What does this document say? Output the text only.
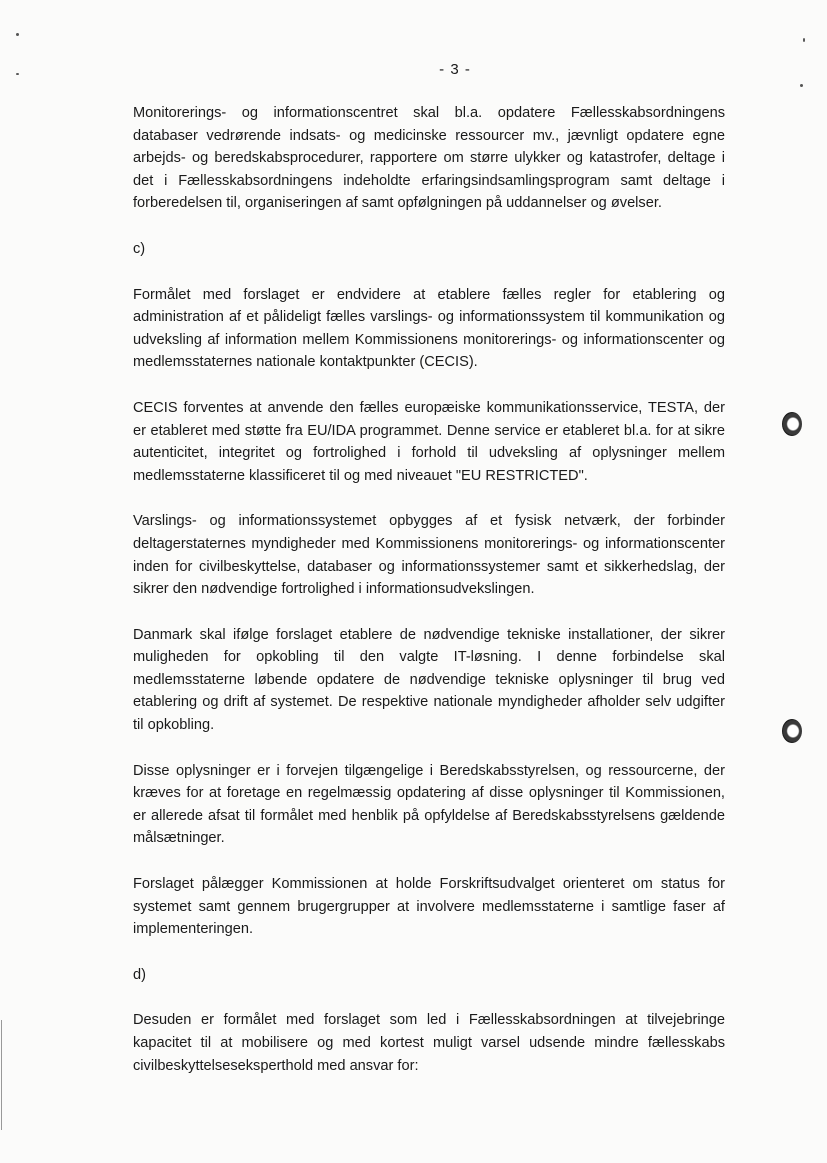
- 3 -

Monitorerings- og informationscentret skal bl.a. opdatere Fællesskabsordningens databaser vedrørende indsats- og medicinske ressourcer mv., jævnligt opdatere egne arbejds- og beredskabsprocedurer, rapportere om større ulykker og katastrofer, deltage i det i Fællesskabsordningens indeholdte erfaringsindsamlingsprogram samt deltage i forberedelsen til, organiseringen af samt opfølgningen på uddannelser og øvelser.

c)

Formålet med forslaget er endvidere at etablere fælles regler for etablering og administration af et pålideligt fælles varslings- og informationssystem til kommunikation og udveksling af information mellem Kommissionens monitorerings- og informationscenter og medlemsstaternes nationale kontaktpunkter (CECIS).

CECIS forventes at anvende den fælles europæiske kommunikationsservice, TESTA, der er etableret med støtte fra EU/IDA programmet. Denne service er etableret bl.a. for at sikre autenticitet, integritet og fortrolighed i forhold til udveksling af oplysninger mellem medlemsstaterne klassificeret til og med niveauet "EU RESTRICTED".

Varslings- og informationssystemet opbygges af et fysisk netværk, der forbinder deltagerstaternes myndigheder med Kommissionens monitorerings- og informationscenter inden for civilbeskyttelse, databaser og informationssystemer samt et sikkerhedslag, der sikrer den nødvendige fortrolighed i informationsudvekslingen.

Danmark skal ifølge forslaget etablere de nødvendige tekniske installationer, der sikrer muligheden for opkobling til den valgte IT-løsning. I denne forbindelse skal medlemsstaterne løbende opdatere de nødvendige tekniske oplysninger til brug ved etablering og drift af systemet. De respektive nationale myndigheder afholder selv udgifter til opkobling.

Disse oplysninger er i forvejen tilgængelige i Beredskabsstyrelsen, og ressourcerne, der kræves for at foretage en regelmæssig opdatering af disse oplysninger til Kommissionen, er allerede afsat til formålet med henblik på opfyldelse af Beredskabsstyrelsens gældende målsætninger.

Forslaget pålægger Kommissionen at holde Forskriftsudvalget orienteret om status for systemet samt gennem brugergrupper at involvere medlemsstaterne i samtlige faser af implementeringen.

d)

Desuden er formålet med forslaget som led i Fællesskabsordningen at tilvejebringe kapacitet til at mobilisere og med kortest muligt varsel udsende mindre fællesskabs civilbeskyttelseseksperthold med ansvar for:
